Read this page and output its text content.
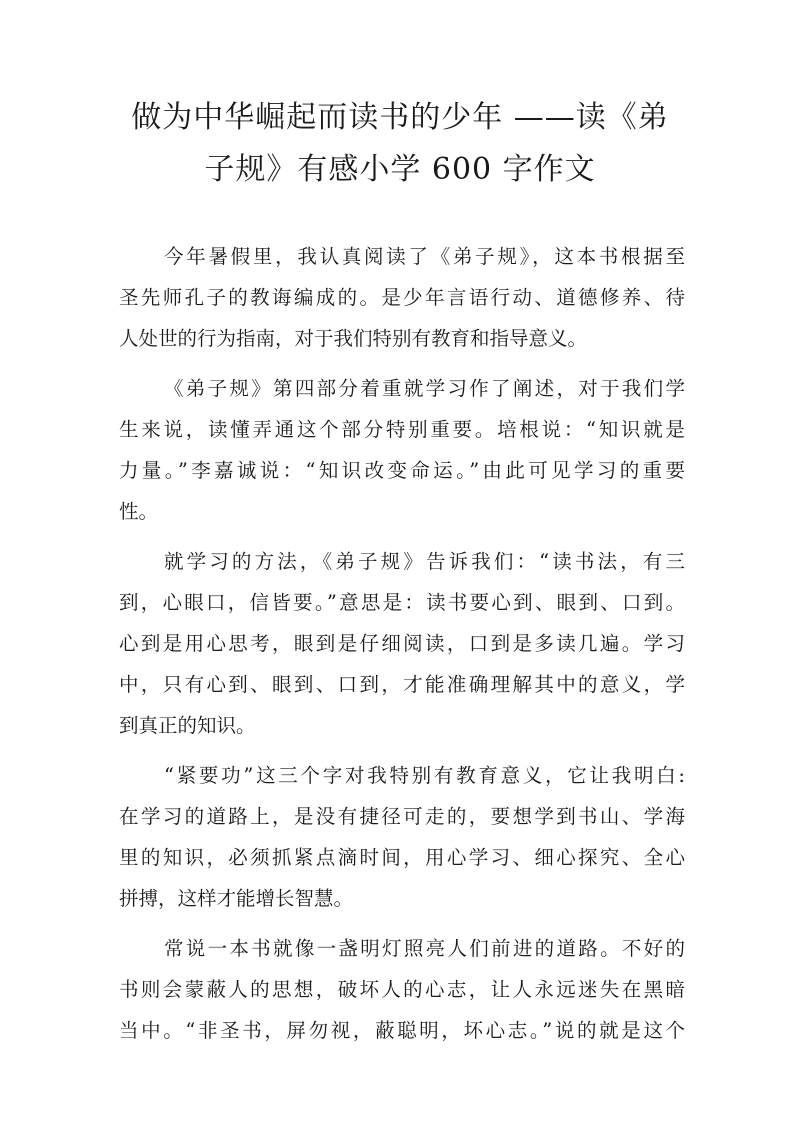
做为中华崛起而读书的少年 ——读《弟
子规》有感小学 600 字作文

今年暑假里，我认真阅读了《弟子规》，这本书根据至
圣先师孔子的教诲编成的。是少年言语行动、道德修养、待
人处世的行为指南，对于我们特别有教育和指导意义。

《弟子规》第四部分着重就学习作了阐述，对于我们学
生来说，读懂弄通这个部分特别重要。培根说：“知识就是
力量。”李嘉诚说：“知识改变命运。”由此可见学习的重要
性。

就学习的方法，《弟子规》告诉我们：“读书法，有三
到，心眼口，信皆要。”意思是：读书要心到、眼到、口到。
心到是用心思考，眼到是仔细阅读，口到是多读几遍。学习
中，只有心到、眼到、口到，才能准确理解其中的意义，学
到真正的知识。

“紧要功”这三个字对我特别有教育意义，它让我明白:
在学习的道路上，是没有捷径可走的，要想学到书山、学海
里的知识，必须抓紧点滴时间，用心学习、细心探究、全心
拼搏，这样才能增长智慧。

常说一本书就像一盏明灯照亮人们前进的道路。不好的
书则会蒙蔽人的思想，破坏人的心志，让人永远迷失在黑暗
当中。“非圣书，屏勿视，蔽聪明，坏心志。”说的就是这个
